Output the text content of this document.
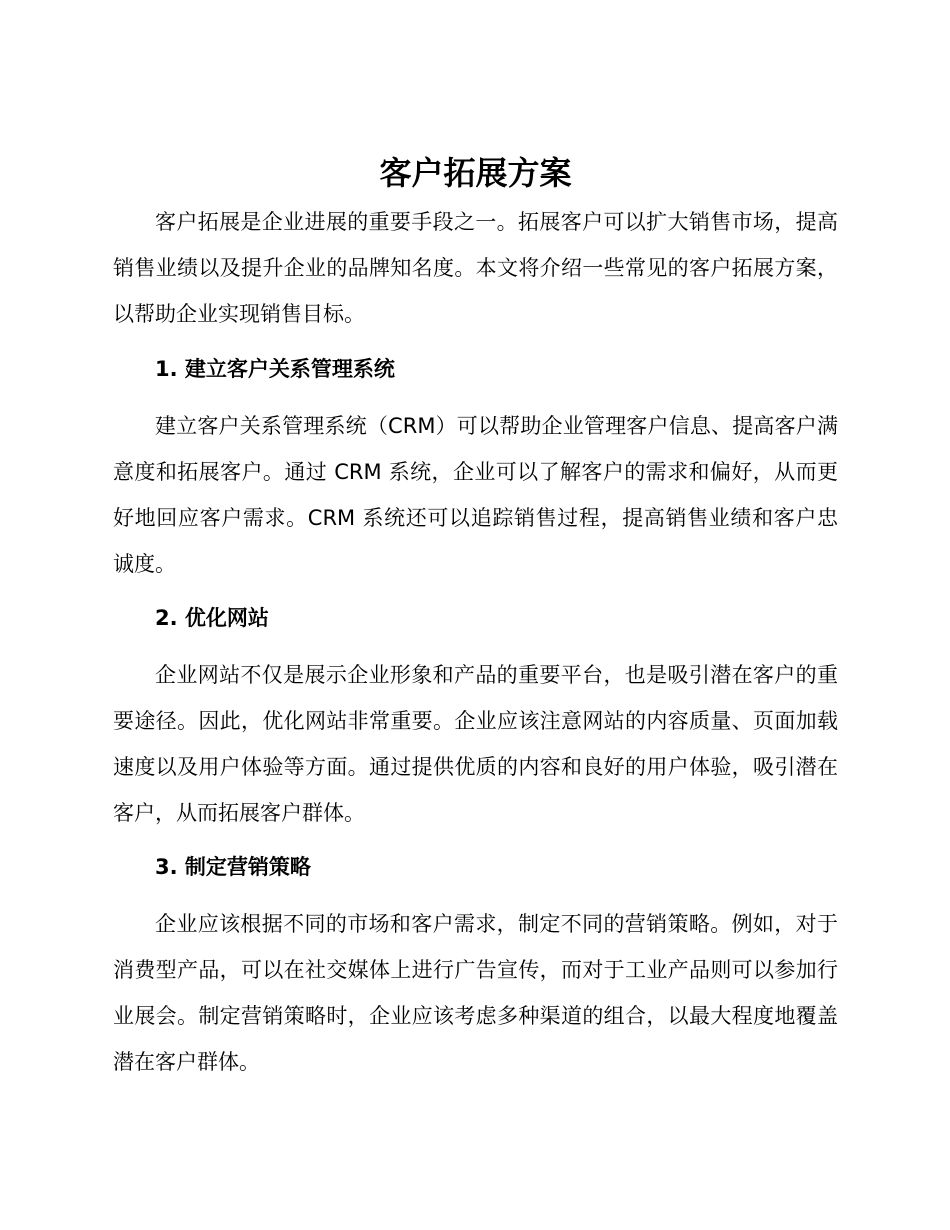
客户拓展方案

客户拓展是企业进展的重要手段之一。拓展客户可以扩大销售市场，提高销售业绩以及提升企业的品牌知名度。本文将介绍一些常见的客户拓展方案，以帮助企业实现销售目标。

1. 建立客户关系管理系统

建立客户关系管理系统（CRM）可以帮助企业管理客户信息、提高客户满意度和拓展客户。通过 CRM 系统，企业可以了解客户的需求和偏好，从而更好地回应客户需求。CRM 系统还可以追踪销售过程，提高销售业绩和客户忠诚度。

2. 优化网站

企业网站不仅是展示企业形象和产品的重要平台，也是吸引潜在客户的重要途径。因此，优化网站非常重要。企业应该注意网站的内容质量、页面加载速度以及用户体验等方面。通过提供优质的内容和良好的用户体验，吸引潜在客户，从而拓展客户群体。

3. 制定营销策略

企业应该根据不同的市场和客户需求，制定不同的营销策略。例如，对于消费型产品，可以在社交媒体上进行广告宣传，而对于工业产品则可以参加行业展会。制定营销策略时，企业应该考虑多种渠道的组合，以最大程度地覆盖潜在客户群体。
